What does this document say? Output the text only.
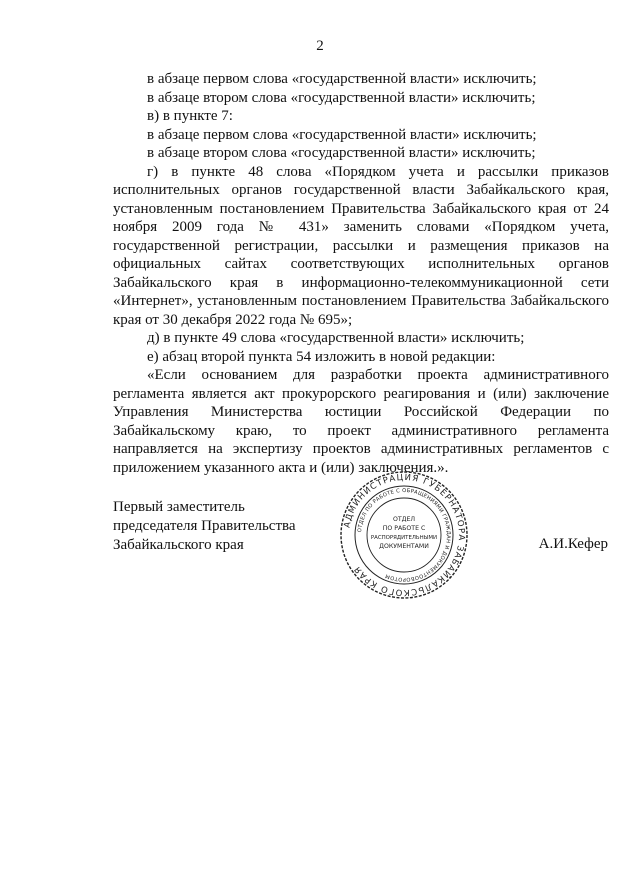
2

в абзаце первом слова «государственной власти» исключить;

в абзаце втором слова «государственной власти» исключить;

в) в пункте 7:

в абзаце первом слова «государственной власти» исключить;

в абзаце втором слова «государственной власти» исключить;

г) в пункте 48 слова «Порядком учета и рассылки приказов исполнительных органов государственной власти Забайкальского края, установленным постановлением Правительства Забайкальского края от 24 ноября 2009 года № 431» заменить словами «Порядком учета, государственной регистрации, рассылки и размещения приказов на официальных сайтах соответствующих исполнительных органов Забайкальского края в информационно-телекоммуникационной сети «Интернет», установленным постановлением Правительства Забайкальского края от 30 декабря 2022 года № 695»;

д) в пункте 49 слова «государственной власти» исключить;

е) абзац второй пункта 54 изложить в новой редакции:

«Если основанием для разработки проекта административного регламента является акт прокурорского реагирования и (или) заключение Управления Министерства юстиции Российской Федерации по Забайкальскому краю, то проект административного регламента направляется на экспертизу проектов административных регламентов с приложением указанного акта и (или) заключения.».

Первый заместитель
председателя Правительства
Забайкальского края
АДМИНИСТРАЦИЯ ГУБЕРНАТОРА ЗАБАЙКАЛЬСКОГО КРАЯ
ОТДЕЛ ПО РАБОТЕ С ОБРАЩЕНИЯМИ ГРАЖДАН И ДОКУМЕНТООБОРОТОМ
ОТДЕЛ
ПО РАБОТЕ С
РАСПОРЯДИТЕЛЬНЫМИ
ДОКУМЕНТАМИ	А.И.Кефер
